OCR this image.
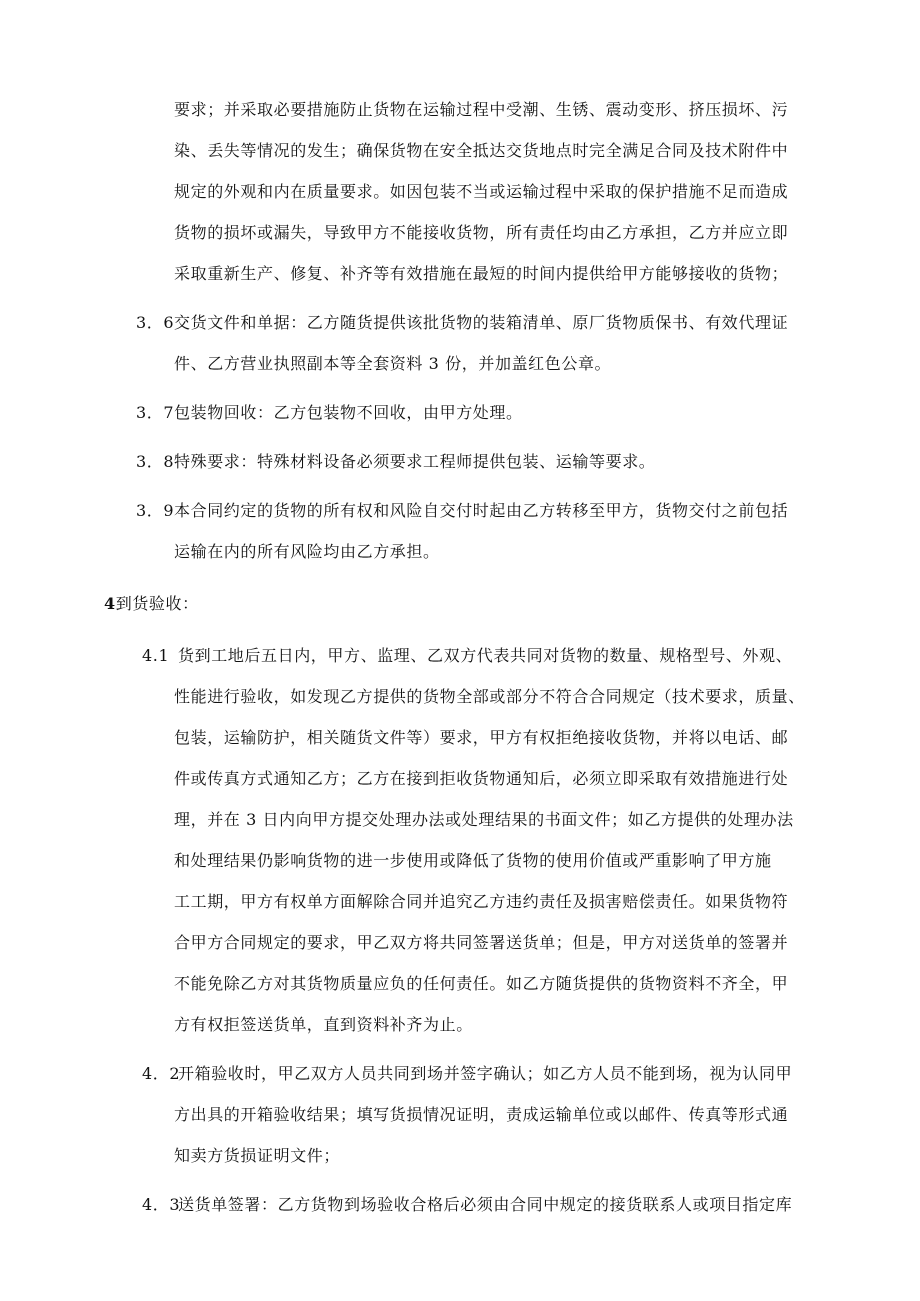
要求；并采取必要措施防止货物在运输过程中受潮、生锈、震动变形、挤压损坏、污
染、丢失等情况的发生；确保货物在安全抵达交货地点时完全满足合同及技术附件中
规定的外观和内在质量要求。如因包装不当或运输过程中采取的保护措施不足而造成
货物的损坏或漏失，导致甲方不能接收货物，所有责任均由乙方承担，乙方并应立即
采取重新生产、修复、补齐等有效措施在最短的时间内提供给甲方能够接收的货物；
3．6交货文件和单据：乙方随货提供该批货物的装箱清单、原厂货物质保书、有效代理证
件、乙方营业执照副本等全套资料 3 份，并加盖红色公章。
3．7包装物回收：乙方包装物不回收，由甲方处理。
3．8特殊要求：特殊材料设备必须要求工程师提供包装、运输等要求。
3．9本合同约定的货物的所有权和风险自交付时起由乙方转移至甲方，货物交付之前包括
运输在内的所有风险均由乙方承担。
4到货验收：
4.1 货到工地后五日内，甲方、监理、乙双方代表共同对货物的数量、规格型号、外观、
性能进行验收，如发现乙方提供的货物全部或部分不符合合同规定（技术要求，质量、
包装，运输防护，相关随货文件等）要求，甲方有权拒绝接收货物，并将以电话、邮
件或传真方式通知乙方；乙方在接到拒收货物通知后，必须立即采取有效措施进行处
理，并在 3 日内向甲方提交处理办法或处理结果的书面文件；如乙方提供的处理办法
和处理结果仍影响货物的进一步使用或降低了货物的使用价值或严重影响了甲方施
工工期，甲方有权单方面解除合同并追究乙方违约责任及损害赔偿责任。如果货物符
合甲方合同规定的要求，甲乙双方将共同签署送货单；但是，甲方对送货单的签署并
不能免除乙方对其货物质量应负的任何责任。如乙方随货提供的货物资料不齐全，甲
方有权拒签送货单，直到资料补齐为止。
4．2开箱验收时，甲乙双方人员共同到场并签字确认；如乙方人员不能到场，视为认同甲
方出具的开箱验收结果；填写货损情况证明，责成运输单位或以邮件、传真等形式通
知卖方货损证明文件；
4．3送货单签署：乙方货物到场验收合格后必须由合同中规定的接货联系人或项目指定库
